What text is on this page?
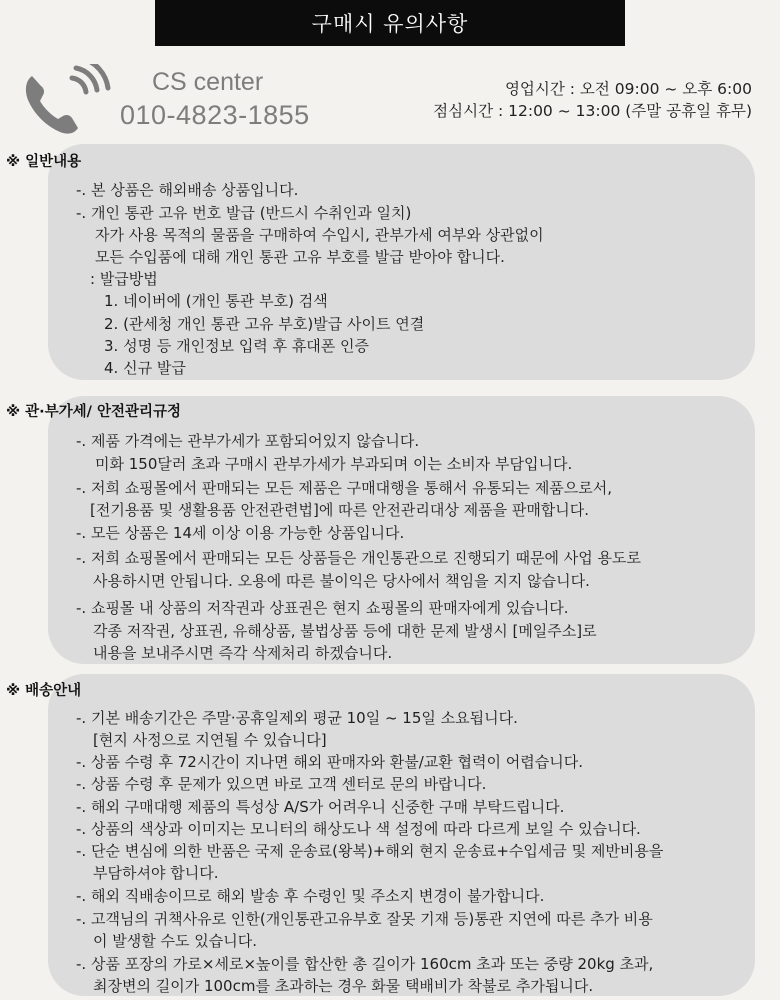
구매시 유의사항
CS center
010-4823-1855
영업시간 : 오전 09:00 ~ 오후 6:00
점심시간 : 12:00 ~ 13:00 (주말 공휴일 휴무)
※ 일반내용
-. 본 상품은 해외배송 상품입니다.
-. 개인 통관 고유 번호 발급 (반드시 수취인과 일치)
자가 사용 목적의 물품을 구매하여 수입시, 관부가세 여부와 상관없이
모든 수입품에 대해 개인 통관 고유 부호를 발급 받아야 합니다.
: 발급방법
1. 네이버에 (개인 통관 부호) 검색
2. (관세청 개인 통관 고유 부호)발급 사이트 연결
3. 성명 등 개인정보 입력 후 휴대폰 인증
4. 신규 발급
※ 관·부가세/ 안전관리규정
-. 제품 가격에는 관부가세가 포함되어있지 않습니다.
미화 150달러 초과 구매시 관부가세가 부과되며 이는 소비자 부담입니다.
-. 저희 쇼핑몰에서 판매되는 모든 제품은 구매대행을 통해서 유통되는 제품으로서,
[전기용품 및 생활용품 안전관련법]에 따른 안전관리대상 제품을 판매합니다.
-. 모든 상품은 14세 이상 이용 가능한 상품입니다.
-. 저희 쇼핑몰에서 판매되는 모든 상품들은 개인통관으로 진행되기 때문에 사업 용도로
사용하시면 안됩니다. 오용에 따른 불이익은 당사에서 책임을 지지 않습니다.
-. 쇼핑몰 내 상품의 저작권과 상표권은 현지 쇼핑몰의 판매자에게 있습니다.
각종 저작권, 상표권, 유해상품, 불법상품 등에 대한 문제 발생시 [메일주소]로
내용을 보내주시면 즉각 삭제처리 하겠습니다.
※ 배송안내
-. 기본 배송기간은 주말·공휴일제외 평균 10일 ~ 15일 소요됩니다.
[현지 사정으로 지연될 수 있습니다]
-. 상품 수령 후 72시간이 지나면 해외 판매자와 환불/교환 협력이 어렵습니다.
-. 상품 수령 후 문제가 있으면 바로 고객 센터로 문의 바랍니다.
-. 해외 구매대행 제품의 특성상 A/S가 어려우니 신중한 구매 부탁드립니다.
-. 상품의 색상과 이미지는 모니터의 해상도나 색 설정에 따라 다르게 보일 수 있습니다.
-. 단순 변심에 의한 반품은 국제 운송료(왕복)+해외 현지 운송료+수입세금 및 제반비용을
부담하셔야 합니다.
-. 해외 직배송이므로 해외 발송 후 수령인 및 주소지 변경이 불가합니다.
-. 고객님의 귀책사유로 인한(개인통관고유부호 잘못 기재 등)통관 지연에 따른 추가 비용
이 발생할 수도 있습니다.
-. 상품 포장의 가로×세로×높이를 합산한 총 길이가 160cm 초과 또는 중량 20kg 초과,
최장변의 길이가 100cm를 초과하는 경우 화물 택배비가 착불로 추가됩니다.
